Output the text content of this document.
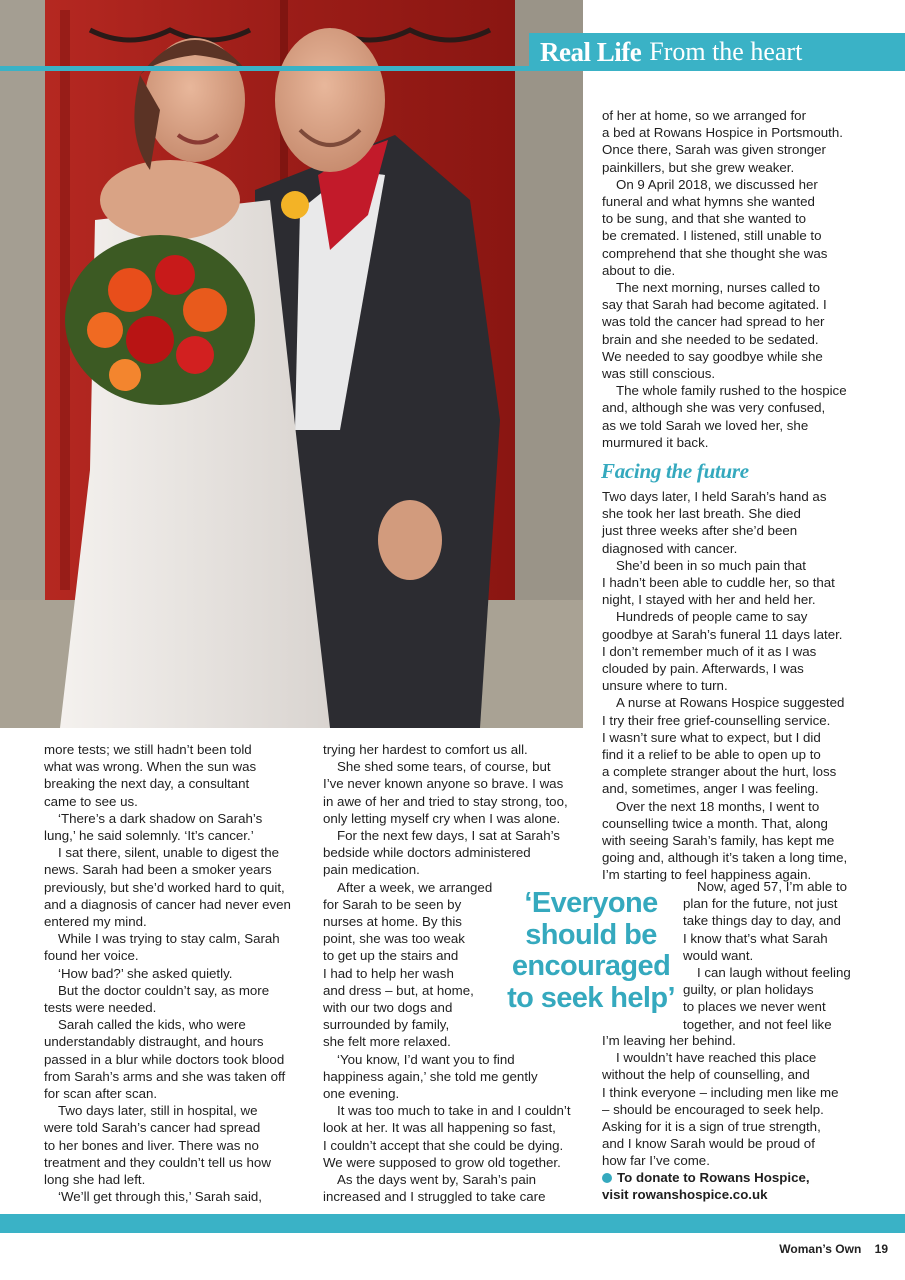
Real Life From the heart

more tests; we still hadn’t been told

what was wrong. When the sun was

breaking the next day, a consultant

came to see us.

‘There’s a dark shadow on Sarah’s

lung,’ he said solemnly. ‘It’s cancer.’

I sat there, silent, unable to digest the

news. Sarah had been a smoker years

previously, but she’d worked hard to quit,

and a diagnosis of cancer had never even

entered my mind.

While I was trying to stay calm, Sarah

found her voice.

‘How bad?’ she asked quietly.

But the doctor couldn’t say, as more

tests were needed.

Sarah called the kids, who were

understandably distraught, and hours

passed in a blur while doctors took blood

from Sarah’s arms and she was taken off

for scan after scan.

Two days later, still in hospital, we

were told Sarah’s cancer had spread

to her bones and liver. There was no

treatment and they couldn’t tell us how

long she had left.

‘We’ll get through this,’ Sarah said,

trying her hardest to comfort us all.

She shed some tears, of course, but

I’ve never known anyone so brave. I was

in awe of her and tried to stay strong, too,

only letting myself cry when I was alone.

For the next few days, I sat at Sarah’s

bedside while doctors administered

pain medication.

After a week, we arranged

for Sarah to be seen by

nurses at home. By this

point, she was too weak

to get up the stairs and

I had to help her wash

and dress – but, at home,

with our two dogs and

surrounded by family,

she felt more relaxed.

‘You know, I’d want you to find

happiness again,’ she told me gently

one evening.

It was too much to take in and I couldn’t

look at her. It was all happening so fast,

I couldn’t accept that she could be dying.

We were supposed to grow old together.

As the days went by, Sarah’s pain

increased and I struggled to take care

of her at home, so we arranged for

a bed at Rowans Hospice in Portsmouth.

Once there, Sarah was given stronger

painkillers, but she grew weaker.

On 9 April 2018, we discussed her

funeral and what hymns she wanted

to be sung, and that she wanted to

be cremated. I listened, still unable to

comprehend that she thought she was

about to die.

The next morning, nurses called to

say that Sarah had become agitated. I

was told the cancer had spread to her

brain and she needed to be sedated.

We needed to say goodbye while she

was still conscious.

The whole family rushed to the hospice

and, although she was very confused,

as we told Sarah we loved her, she

murmured it back.

Facing the future

Two days later, I held Sarah’s hand as

she took her last breath. She died

just three weeks after she’d been

diagnosed with cancer.

She’d been in so much pain that

I hadn’t been able to cuddle her, so that

night, I stayed with her and held her.

Hundreds of people came to say

goodbye at Sarah’s funeral 11 days later.

I don’t remember much of it as I was

clouded by pain. Afterwards, I was

unsure where to turn.

A nurse at Rowans Hospice suggested

I try their free grief-counselling service.

I wasn’t sure what to expect, but I did

find it a relief to be able to open up to

a complete stranger about the hurt, loss

and, sometimes, anger I was feeling.

Over the next 18 months, I went to

counselling twice a month. That, along

with seeing Sarah’s family, has kept me

going and, although it’s taken a long time,

I’m starting to feel happiness again.

Now, aged 57, I’m able to

plan for the future, not just

take things day to day, and

I know that’s what Sarah

would want.

I can laugh without feeling

guilty, or plan holidays

to places we never went

together, and not feel like

I’m leaving her behind.

I wouldn’t have reached this place

without the help of counselling, and

I think everyone – including men like me

– should be encouraged to seek help.

Asking for it is a sign of true strength,

and I know Sarah would be proud of

how far I’ve come.

‘Everyone

should be

encouraged

to seek help’

To donate to Rowans Hospice,

visit rowanshospice.co.uk

Woman’s Own 19
